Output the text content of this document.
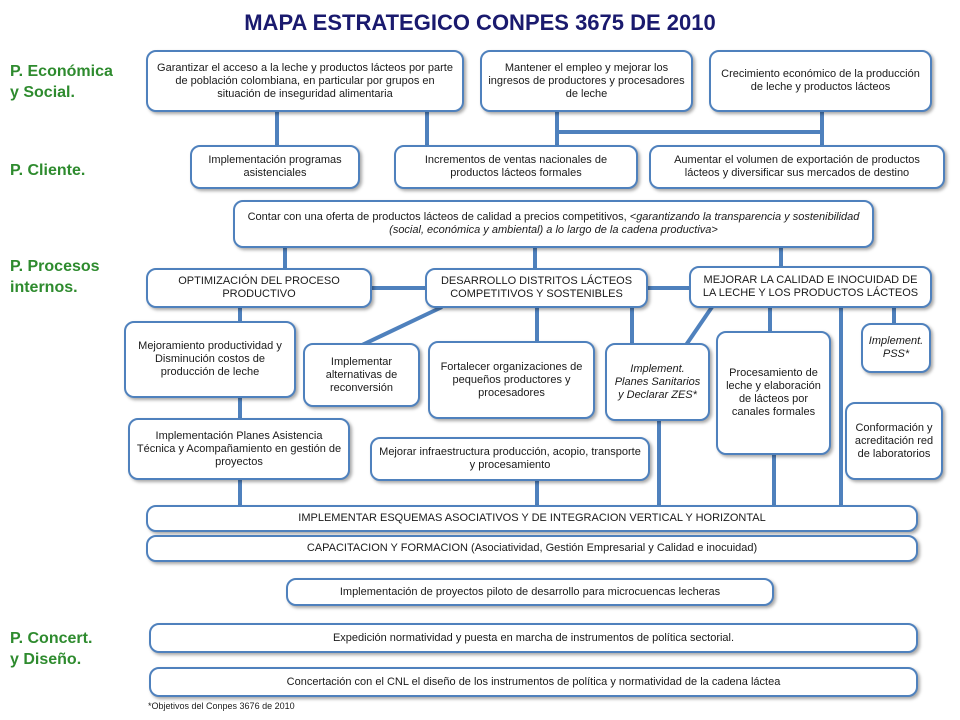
MAPA ESTRATEGICO CONPES 3675 DE 2010
P. Económica
y Social.
P. Cliente.
P. Procesos
internos.
P. Concert.
y Diseño.
Garantizar el acceso a la leche y productos lácteos por parte de población colombiana, en particular por grupos en situación de inseguridad alimentaria
Mantener el empleo y mejorar los ingresos de productores y procesadores de leche
Crecimiento económico de la producción de leche y productos lácteos
Implementación programas asistenciales
Incrementos de ventas nacionales de productos lácteos formales
Aumentar el volumen de exportación de productos lácteos y diversificar sus mercados de destino
Contar con una oferta de productos lácteos de calidad a precios competitivos, <garantizando la transparencia y sostenibilidad (social, económica y ambiental) a lo largo de la cadena productiva>
OPTIMIZACIÓN DEL PROCESO PRODUCTIVO
DESARROLLO DISTRITOS LÁCTEOS COMPETITIVOS Y SOSTENIBLES
MEJORAR LA CALIDAD E INOCUIDAD DE LA LECHE Y LOS PRODUCTOS LÁCTEOS
Mejoramiento productividad y Disminución costos de producción de leche
Implementar alternativas de reconversión
Fortalecer organizaciones de pequeños productores y procesadores
Implement. Planes Sanitarios y Declarar ZES*
Procesamiento de leche y elaboración de lácteos por canales formales
Implement. PSS*
Conformación y acreditación red de laboratorios
Implementación Planes Asistencia Técnica y Acompañamiento en gestión de proyectos
Mejorar infraestructura producción, acopio, transporte y procesamiento
IMPLEMENTAR ESQUEMAS ASOCIATIVOS Y DE INTEGRACION VERTICAL Y HORIZONTAL
CAPACITACION Y FORMACION (Asociatividad, Gestión Empresarial y Calidad e inocuidad)
Implementación de proyectos piloto de desarrollo para microcuencas lecheras
Expedición normatividad y puesta en marcha de instrumentos de política sectorial.
Concertación con el CNL el diseño de los instrumentos de política y normatividad de la cadena láctea
*Objetivos del Conpes 3676 de 2010
